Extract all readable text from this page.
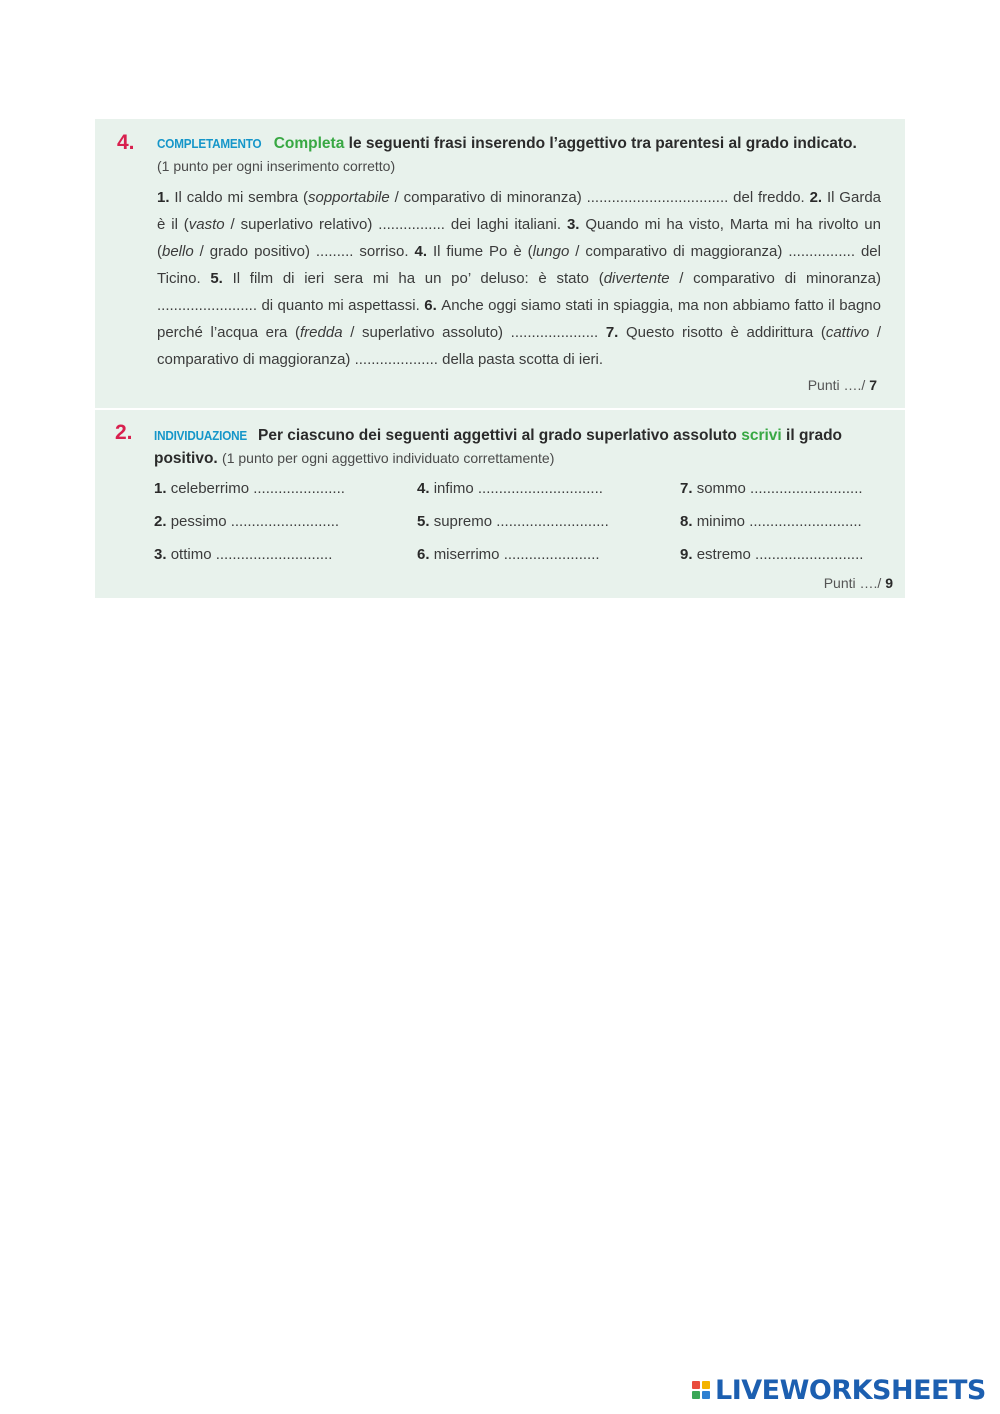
4. COMPLETAMENTO Completa le seguenti frasi inserendo l’aggettivo tra parentesi al grado indicato.
(1 punto per ogni inserimento corretto)
1. Il caldo mi sembra (sopportabile / comparativo di minoranza) .................................. del freddo. 2. Il Garda è il (vasto / superlativo relativo) ................ dei laghi italiani. 3. Quando mi ha visto, Marta mi ha rivolto un (bello / grado positivo) ......... sorriso. 4. Il fiume Po è (lungo / comparativo di maggioranza) ................ del Ticino. 5. Il film di ieri sera mi ha un po’ deluso: è stato (divertente / comparativo di minoranza) ........................ di quanto mi aspettassi. 6. Anche oggi siamo stati in spiaggia, ma non abbiamo fatto il bagno perché l’acqua era (fredda / superlativo assoluto) ..................... 7. Questo risotto è addirittura (cattivo / comparativo di maggioranza) .................... della pasta scotta di ieri.
Punti …./ 7
2. INDIVIDUAZIONE Per ciascuno dei seguenti aggettivi al grado superlativo assoluto scrivi il grado positivo. (1 punto per ogni aggettivo individuato correttamente)
1. celeberrimo ......................	4. infimo ..............................	7. sommo ...........................
2. pessimo ..........................	5. supremo ...........................	8. minimo ...........................
3. ottimo ............................	6. miserrimo .......................	9. estremo ..........................
Punti …./ 9
LIVEWORKSHEETS
